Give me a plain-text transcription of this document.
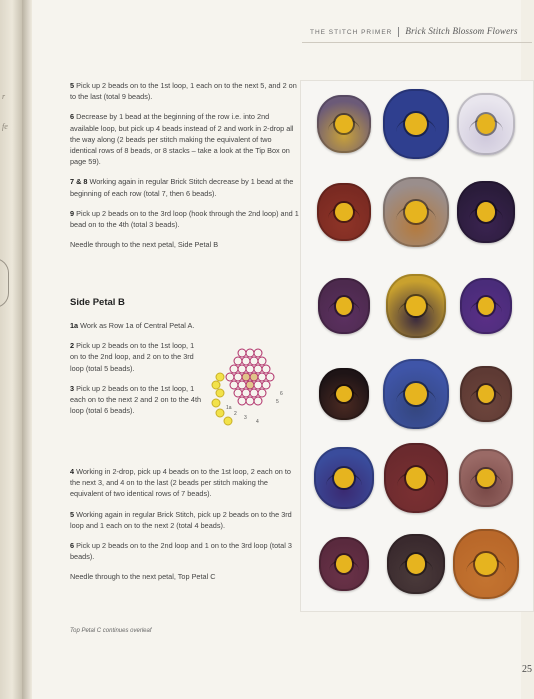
r
fe
THE STITCH PRIMER Brick Stitch Blossom Flowers

5 Pick up 2 beads on to the 1st loop, 1 each on to the next 5, and 2 on to the last (total 9 beads).

6 Decrease by 1 bead at the beginning of the row i.e. into 2nd available loop, but pick up 4 beads instead of 2 and work in 2-drop all the way along (2 beads per stitch making the equivalent of two identical rows of 8 beads, or 8 stacks – take a look at the Tip Box on page 59).

7 & 8 Working again in regular Brick Stitch decrease by 1 bead at the beginning of each row (total 7, then 6 beads).

9 Pick up 2 beads on to the 3rd loop (hook through the 2nd loop) and 1 bead on to the 4th (total 3 beads).

Needle through to the next petal, Side Petal B

Side Petal B

1a Work as Row 1a of Central Petal A.

2 Pick up 2 beads on to the 1st loop, 1 on to the 2nd loop, and 2 on to the 3rd loop (total 5 beads).

3 Pick up 2 beads on to the 1st loop, 1 each on to the next 2 and 2 on to the 4th loop (total 6 beads).

4 Working in 2-drop, pick up 4 beads on to the 1st loop, 2 each on to the next 3, and 4 on to the last (2 beads per stitch making the equivalent of two identical rows of 7 beads).

5 Working again in regular Brick Stitch, pick up 2 beads on to the 3rd loop and 1 each on to the next 2 (total 4 beads).

6 Pick up 2 beads on to the 2nd loop and 1 on to the 3rd loop (total 3 beads).

Needle through to the next petal, Top Petal C

Top Petal C continues overleaf
1a
2
3
4
5
6
25
